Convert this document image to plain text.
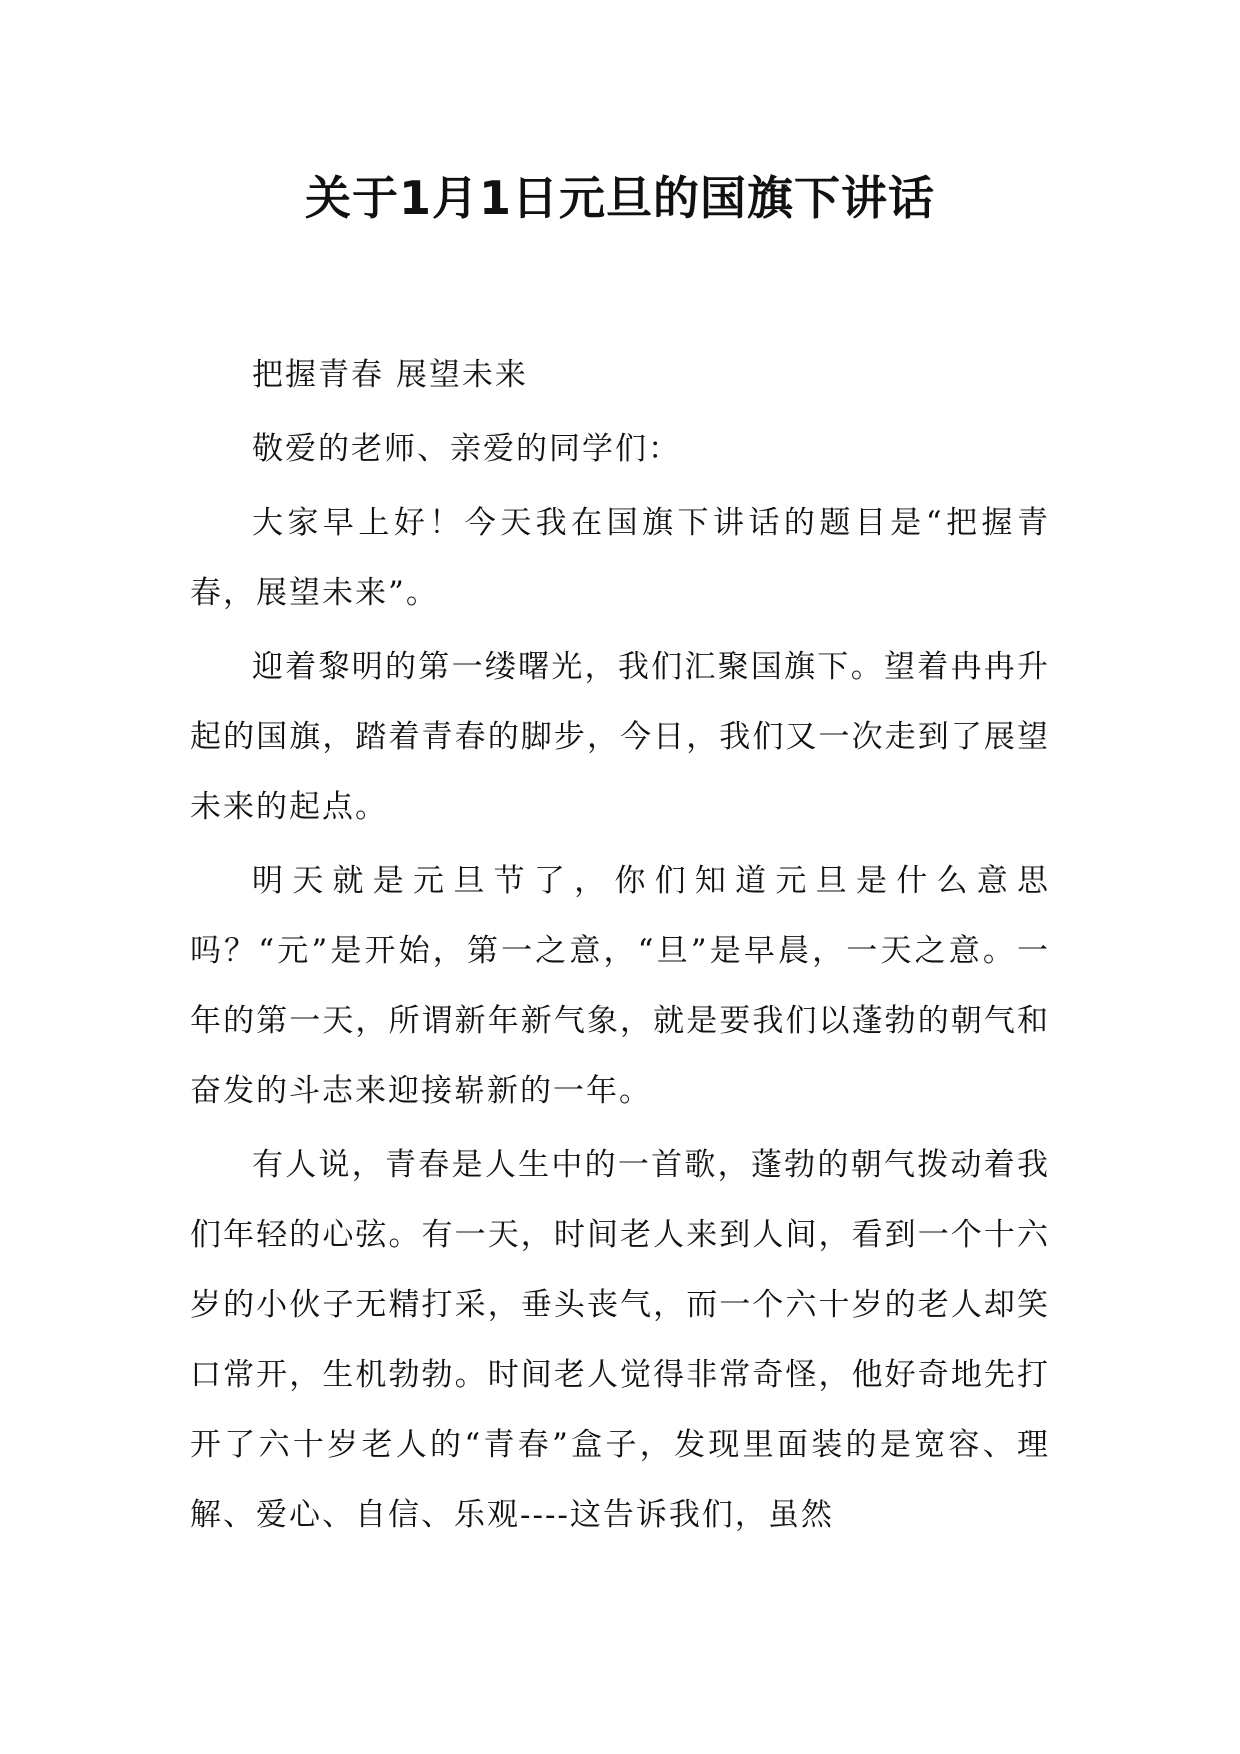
关于1月1日元旦的国旗下讲话

把握青春 展望未来

敬爱的老师、亲爱的同学们：

大家早上好！今天我在国旗下讲话的题目是“把握青春，展望未来”。

迎着黎明的第一缕曙光，我们汇聚国旗下。望着冉冉升起的国旗，踏着青春的脚步，今日，我们又一次走到了展望未来的起点。

明天就是元旦节了，你们知道元旦是什么意思吗？“元”是开始，第一之意，“旦”是早晨，一天之意。一年的第一天，所谓新年新气象，就是要我们以蓬勃的朝气和奋发的斗志来迎接崭新的一年。

有人说，青春是人生中的一首歌，蓬勃的朝气拨动着我们年轻的心弦。有一天，时间老人来到人间，看到一个十六岁的小伙子无精打采，垂头丧气，而一个六十岁的老人却笑口常开，生机勃勃。时间老人觉得非常奇怪，他好奇地先打开了六十岁老人的“青春”盒子，发现里面装的是宽容、理解、爱心、自信、乐观----这告诉我们，虽然
